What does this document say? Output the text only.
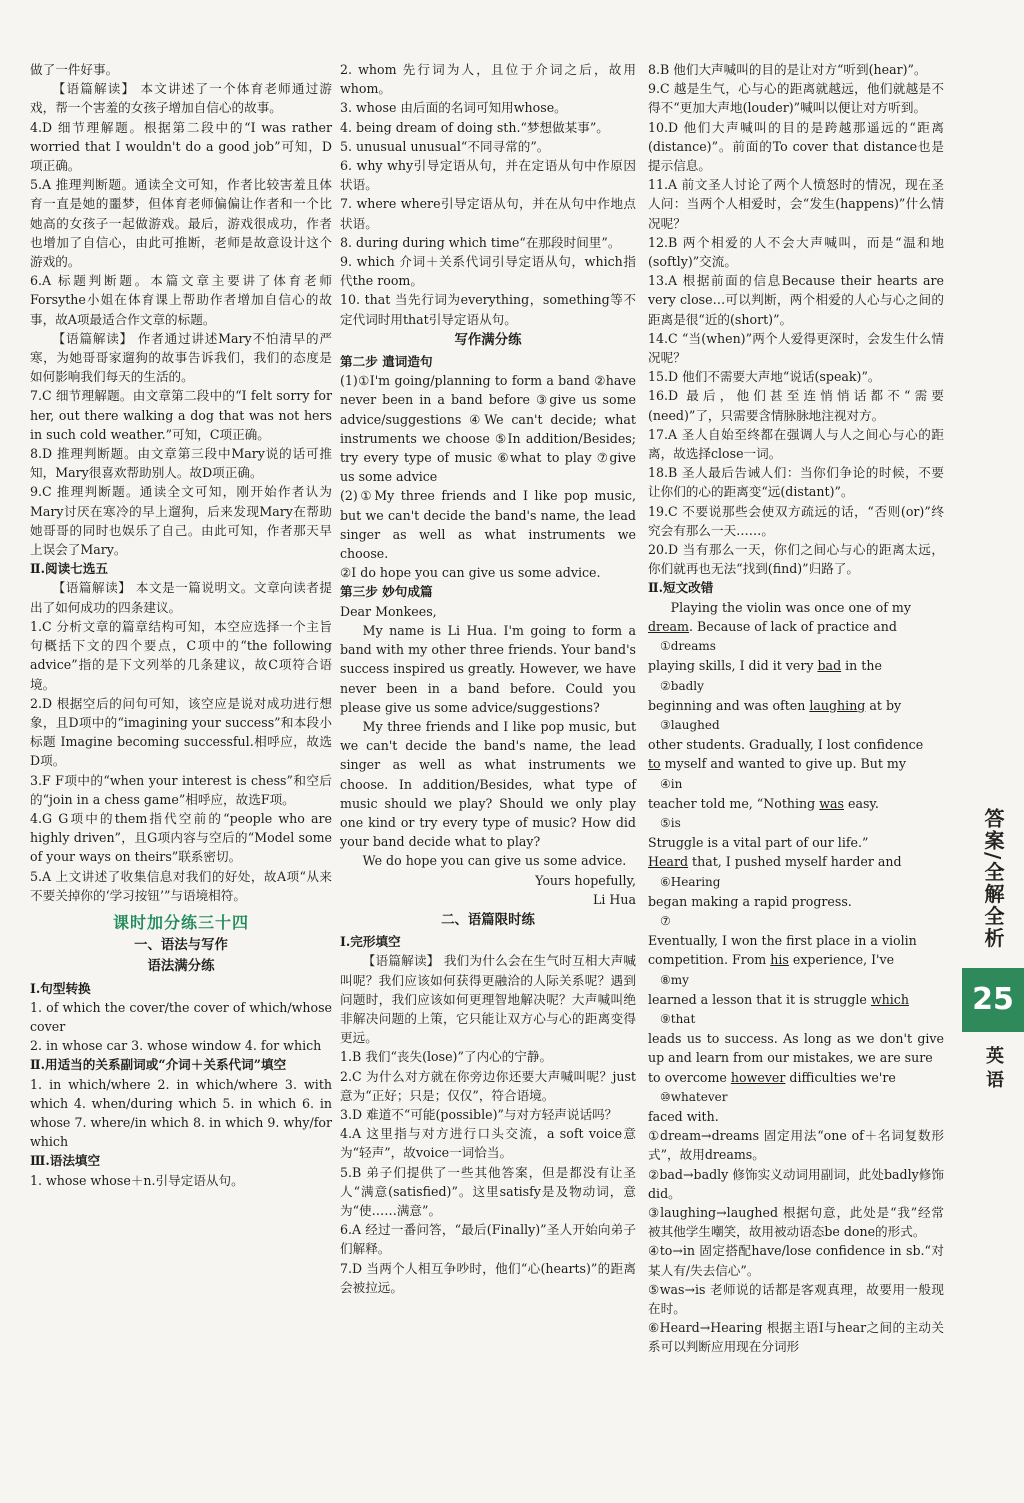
做了一件好事。

【语篇解读】 本文讲述了一个体育老师通过游戏，帮一个害羞的女孩子增加自信心的故事。

4.D 细节理解题。根据第二段中的“I was rather worried that I wouldn't do a good job”可知，D项正确。

5.A 推理判断题。通读全文可知，作者比较害羞且体育一直是她的噩梦，但体育老师偏偏让作者和一个比她高的女孩子一起做游戏。最后，游戏很成功，作者也增加了自信心，由此可推断，老师是故意设计这个游戏的。

6.A 标题判断题。本篇文章主要讲了体育老师Forsythe小姐在体育课上帮助作者增加自信心的故事，故A项最适合作文章的标题。

【语篇解读】 作者通过讲述Mary不怕清早的严寒，为她哥哥家遛狗的故事告诉我们，我们的态度是如何影响我们每天的生活的。

7.C 细节理解题。由文章第二段中的“I felt sorry for her, out there walking a dog that was not hers in such cold weather.”可知，C项正确。

8.D 推理判断题。由文章第三段中Mary说的话可推知，Mary很喜欢帮助别人。故D项正确。

9.C 推理判断题。通读全文可知，刚开始作者认为Mary讨厌在寒冷的早上遛狗，后来发现Mary在帮助她哥哥的同时也娱乐了自己。由此可知，作者那天早上误会了Mary。

Ⅱ.阅读七选五

【语篇解读】 本文是一篇说明文。文章向读者提出了如何成功的四条建议。

1.C 分析文章的篇章结构可知，本空应选择一个主旨句概括下文的四个要点，C项中的“the following advice”指的是下文列举的几条建议，故C项符合语境。

2.D 根据空后的问句可知，该空应是说对成功进行想象，且D项中的“imagining your success”和本段小标题 Imagine becoming successful.相呼应，故选D项。

3.F F项中的“when your interest is chess”和空后的“join in a chess game”相呼应，故选F项。

4.G G项中的them指代空前的“people who are highly driven”，且G项内容与空后的“Model some of your ways on theirs”联系密切。

5.A 上文讲述了收集信息对我们的好处，故A项“从来不要关掉你的‘学习按钮’”与语境相符。

课时加分练三十四
一、语法与写作
语法满分练

Ⅰ.句型转换

1. of which the cover/the cover of which/whose cover

2. in whose car 3. whose window 4. for which

Ⅱ.用适当的关系副词或“介词＋关系代词”填空

1. in which/where 2. in which/where 3. with which 4. when/during which 5. in which 6. in whose 7. where/in which 8. in which 9. why/for which

Ⅲ.语法填空

1. whose whose＋n.引导定语从句。

2. whom 先行词为人，且位于介词之后，故用whom。

3. whose 由后面的名词可知用whose。

4. being dream of doing sth.“梦想做某事”。

5. unusual unusual“不同寻常的”。

6. why why引导定语从句，并在定语从句中作原因状语。

7. where where引导定语从句，并在从句中作地点状语。

8. during during which time“在那段时间里”。

9. which 介词＋关系代词引导定语从句，which指代the room。

10. that 当先行词为everything，something等不定代词时用that引导定语从句。

写作满分练

第二步 遣词造句

(1)①I'm going/planning to form a band ②have never been in a band before ③give us some advice/suggestions ④We can't decide; what instruments we choose ⑤In addition/Besides; try every type of music ⑥what to play ⑦give us some advice

(2)①My three friends and I like pop music, but we can't decide the band's name, the lead singer as well as what instruments we choose.

②I do hope you can give us some advice.

第三步 妙句成篇

Dear Monkees,

My name is Li Hua. I'm going to form a band with my other three friends. Your band's success inspired us greatly. However, we have never been in a band before. Could you please give us some advice/suggestions?

My three friends and I like pop music, but we can't decide the band's name, the lead singer as well as what instruments we choose. In addition/Besides, what type of music should we play? Should we only play one kind or try every type of music? How did your band decide what to play?

We do hope you can give us some advice.

Yours hopefully,

Li Hua

二、语篇限时练

Ⅰ.完形填空

【语篇解读】 我们为什么会在生气时互相大声喊叫呢？我们应该如何获得更融洽的人际关系呢？遇到问题时，我们应该如何更理智地解决呢？大声喊叫绝非解决问题的上策，它只能让双方心与心的距离变得更远。

1.B 我们“丧失(lose)”了内心的宁静。

2.C 为什么对方就在你旁边你还要大声喊叫呢？just意为“正好；只是；仅仅”，符合语境。

3.D 难道不“可能(possible)”与对方轻声说话吗？

4.A 这里指与对方进行口头交流，a soft voice意为“轻声”，故voice一词恰当。

5.B 弟子们提供了一些其他答案，但是都没有让圣人“满意(satisfied)”。这里satisfy是及物动词，意为“使……满意”。

6.A 经过一番问答，“最后(Finally)”圣人开始向弟子们解释。

7.D 当两个人相互争吵时，他们“心(hearts)”的距离会被拉远。

8.B 他们大声喊叫的目的是让对方“听到(hear)”。

9.C 越是生气，心与心的距离就越远，他们就越是不得不“更加大声地(louder)”喊叫以便让对方听到。

10.D 他们大声喊叫的目的是跨越那遥远的“距离(distance)”。前面的To cover that distance也是提示信息。

11.A 前文圣人讨论了两个人愤怒时的情况，现在圣人问：当两个人相爱时，会“发生(happens)”什么情况呢？

12.B 两个相爱的人不会大声喊叫，而是“温和地(softly)”交流。

13.A 根据前面的信息Because their hearts are very close…可以判断，两个相爱的人心与心之间的距离是很“近的(short)”。

14.C “当(when)”两个人爱得更深时，会发生什么情况呢？

15.D 他们不需要大声地“说话(speak)”。

16.D 最后，他们甚至连悄悄话都不“需要(need)”了，只需要含情脉脉地注视对方。

17.A 圣人自始至终都在强调人与人之间心与心的距离，故选择close一词。

18.B 圣人最后告诫人们：当你们争论的时候，不要让你们的心的距离变“远(distant)”。

19.C 不要说那些会使双方疏远的话，“否则(or)”终究会有那么一天……。

20.D 当有那么一天，你们之间心与心的距离太远，你们就再也无法“找到(find)”归路了。

Ⅱ.短文改错

Playing the violin was once one of my
dream. Because of lack of practice and
①dreams
playing skills, I did it very bad in the
②badly
beginning and was often laughing at by
③laughed
other students. Gradually, I lost confidence
to myself and wanted to give up. But my
④in
teacher told me, “Nothing was easy.
⑤is
Struggle is a vital part of our life.”
Heard that, I pushed myself harder and
⑥Hearing
began making a rapid progress.
⑦
Eventually, I won the first place in a violin
competition. From his experience, I've
⑧my
learned a lesson that it is struggle which
⑨that
leads us to success. As long as we don't give up and learn from our mistakes, we are sure
to overcome however difficulties we're
⑩whatever
faced with.

①dream→dreams 固定用法“one of＋名词复数形式”，故用dreams。

②bad→badly 修饰实义动词用副词，此处badly修饰did。

③laughing→laughed 根据句意，此处是“我”经常被其他学生嘲笑，故用被动语态be done的形式。

④to→in 固定搭配have/lose confidence in sb.“对某人有/失去信心”。

⑤was→is 老师说的话都是客观真理，故要用一般现在时。

⑥Heard→Hearing 根据主语I与hear之间的主动关系可以判断应用现在分词形

答案/全解全析
25
英语
